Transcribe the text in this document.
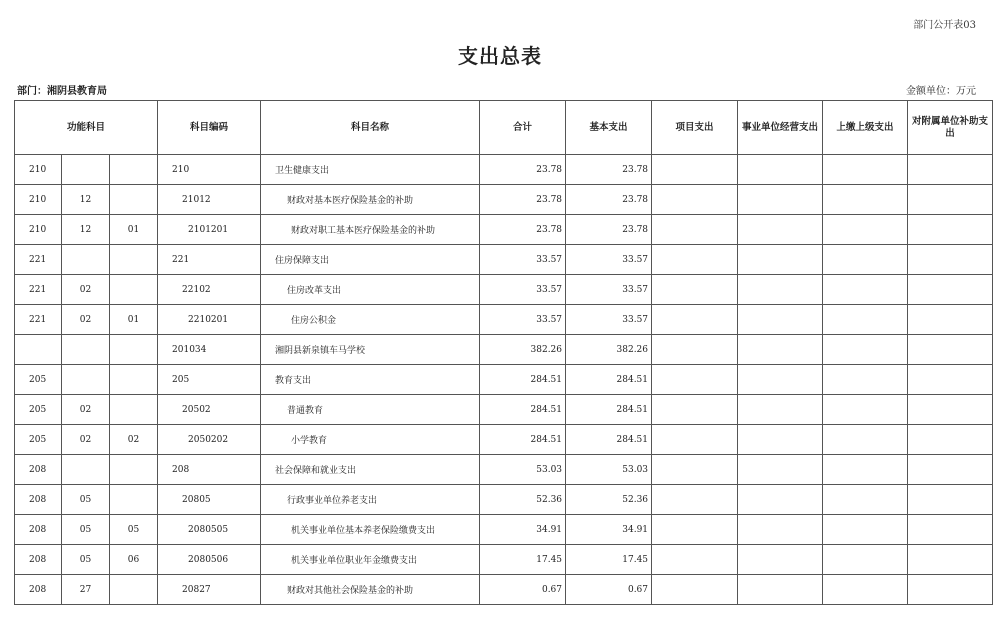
部门公开表03
支出总表
部门：湘阴县教育局	金额单位：万元
功能科目			科目编码	科目名称	合计	基本支出	项目支出	事业单位经营支出	上缴上级支出	对附属单位补助支出
210			210	卫生健康支出	23.78	23.78				
210	12		21012	财政对基本医疗保险基金的补助	23.78	23.78				
210	12	01	2101201	财政对职工基本医疗保险基金的补助	23.78	23.78				
221			221	住房保障支出	33.57	33.57				
221	02		22102	住房改革支出	33.57	33.57				
221	02	01	2210201	住房公积金	33.57	33.57				
			201034	湘阴县新泉镇车马学校	382.26	382.26				
205			205	教育支出	284.51	284.51				
205	02		20502	普通教育	284.51	284.51				
205	02	02	2050202	小学教育	284.51	284.51				
208			208	社会保障和就业支出	53.03	53.03				
208	05		20805	行政事业单位养老支出	52.36	52.36				
208	05	05	2080505	机关事业单位基本养老保险缴费支出	34.91	34.91				
208	05	06	2080506	机关事业单位职业年金缴费支出	17.45	17.45				
208	27		20827	财政对其他社会保险基金的补助	0.67	0.67				
